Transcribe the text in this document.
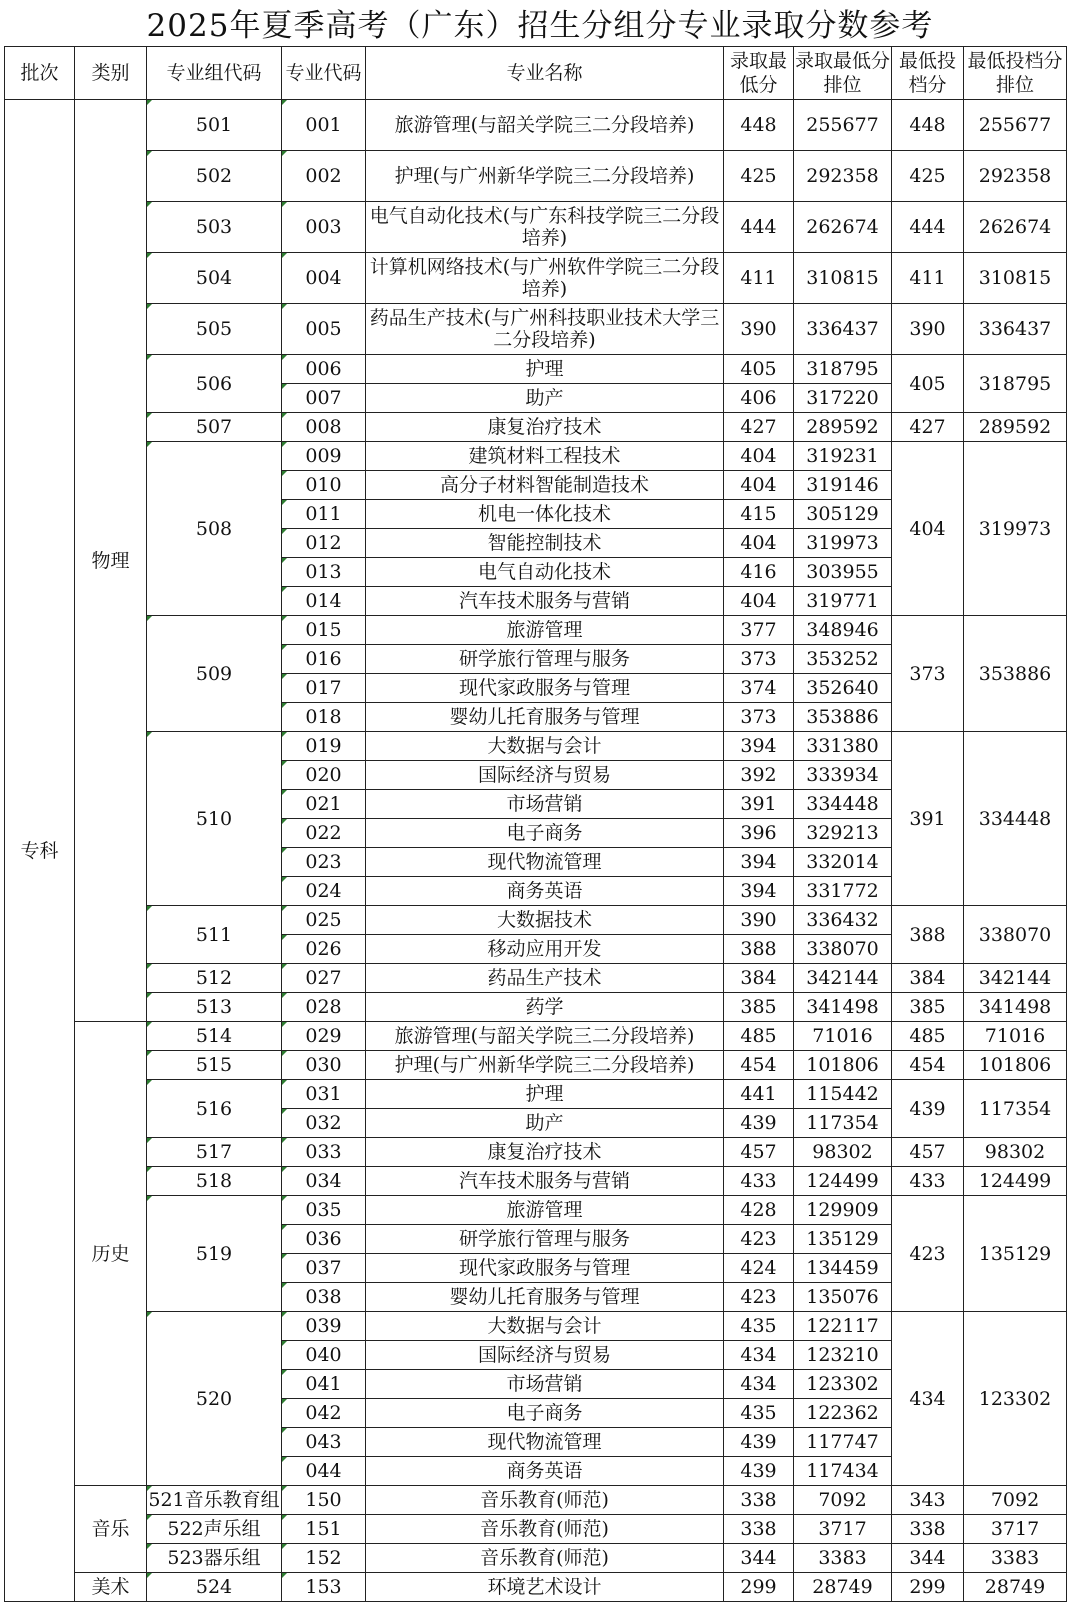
2025年夏季高考（广东）招生分组分专业录取分数参考
批次	类别	专业组代码	专业代码	专业名称	录取最低分	录取最低分排位	最低投档分	最低投档分排位
专科	物理	501	001	旅游管理(与韶关学院三二分段培养)	448	255677	448	255677
		502	002	护理(与广州新华学院三二分段培养)	425	292358	425	292358
		503	003	电气自动化技术(与广东科技学院三二分段培养)	444	262674	444	262674
		504	004	计算机网络技术(与广州软件学院三二分段培养)	411	310815	411	310815
		505	005	药品生产技术(与广州科技职业技术大学三二分段培养)	390	336437	390	336437
		506	006	护理	405	318795	405	318795
			007	助产	406	317220		
		507	008	康复治疗技术	427	289592	427	289592
		508	009	建筑材料工程技术	404	319231	404	319973
			010	高分子材料智能制造技术	404	319146		
			011	机电一体化技术	415	305129		
			012	智能控制技术	404	319973		
			013	电气自动化技术	416	303955		
			014	汽车技术服务与营销	404	319771		
		509	015	旅游管理	377	348946	373	353886
			016	研学旅行管理与服务	373	353252		
			017	现代家政服务与管理	374	352640		
			018	婴幼儿托育服务与管理	373	353886		
		510	019	大数据与会计	394	331380	391	334448
			020	国际经济与贸易	392	333934		
			021	市场营销	391	334448		
			022	电子商务	396	329213		
			023	现代物流管理	394	332014		
			024	商务英语	394	331772		
		511	025	大数据技术	390	336432	388	338070
			026	移动应用开发	388	338070		
		512	027	药品生产技术	384	342144	384	342144
		513	028	药学	385	341498	385	341498
	历史	514	029	旅游管理(与韶关学院三二分段培养)	485	71016	485	71016
		515	030	护理(与广州新华学院三二分段培养)	454	101806	454	101806
		516	031	护理	441	115442	439	117354
			032	助产	439	117354		
		517	033	康复治疗技术	457	98302	457	98302
		518	034	汽车技术服务与营销	433	124499	433	124499
		519	035	旅游管理	428	129909	423	135129
			036	研学旅行管理与服务	423	135129		
			037	现代家政服务与管理	424	134459		
			038	婴幼儿托育服务与管理	423	135076		
		520	039	大数据与会计	435	122117	434	123302
			040	国际经济与贸易	434	123210		
			041	市场营销	434	123302		
			042	电子商务	435	122362		
			043	现代物流管理	439	117747		
			044	商务英语	439	117434		
	音乐	521音乐教育组	150	音乐教育(师范)	338	7092	343	7092
		522声乐组	151	音乐教育(师范)	338	3717	338	3717
		523器乐组	152	音乐教育(师范)	344	3383	344	3383
	美术	524	153	环境艺术设计	299	28749	299	28749
